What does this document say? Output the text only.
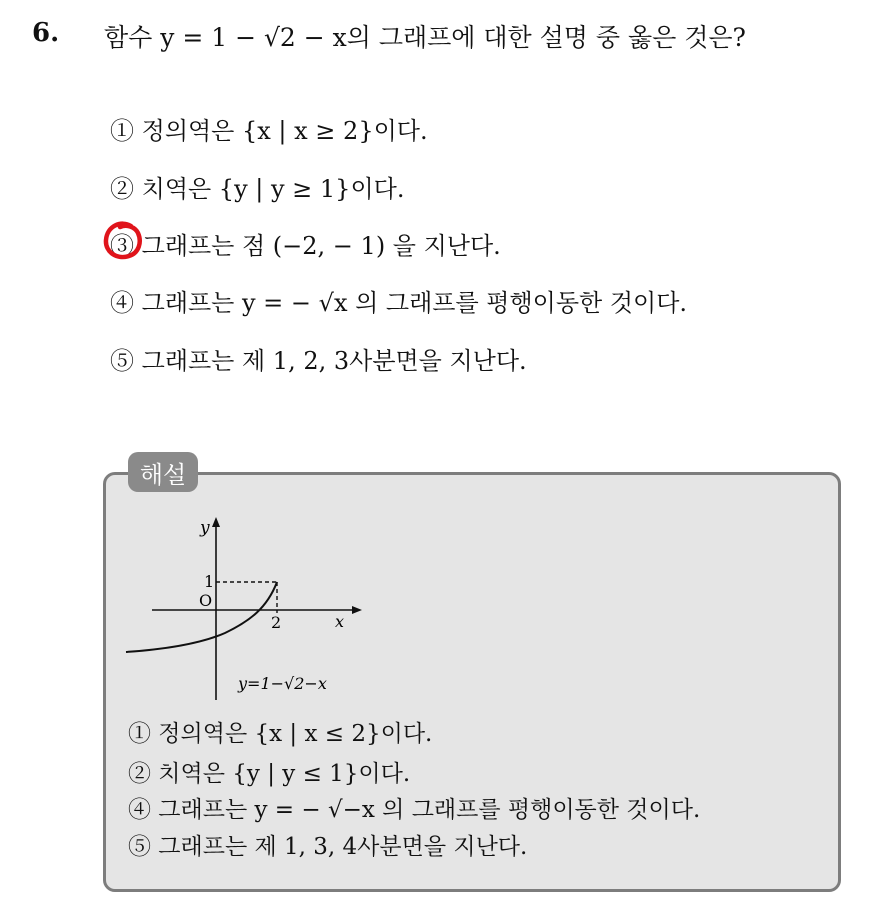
6. 함수 y = 1 − √2 − x의 그래프에 대한 설명 중 옳은 것은?
① 정의역은 {x | x ≥ 2}이다.
② 치역은 {y | y ≥ 1}이다.
③ 그래프는 점 (−2, − 1) 을 지난다.
④ 그래프는 y = − √x 의 그래프를 평행이동한 것이다.
⑤ 그래프는 제 1, 2, 3사분면을 지난다.
해설
y
x
O
1
2
y=1−√2−x
① 정의역은 {x | x ≤ 2}이다.
② 치역은 {y | y ≤ 1}이다.
④ 그래프는 y = − √−x 의 그래프를 평행이동한 것이다.
⑤ 그래프는 제 1, 3, 4사분면을 지난다.
